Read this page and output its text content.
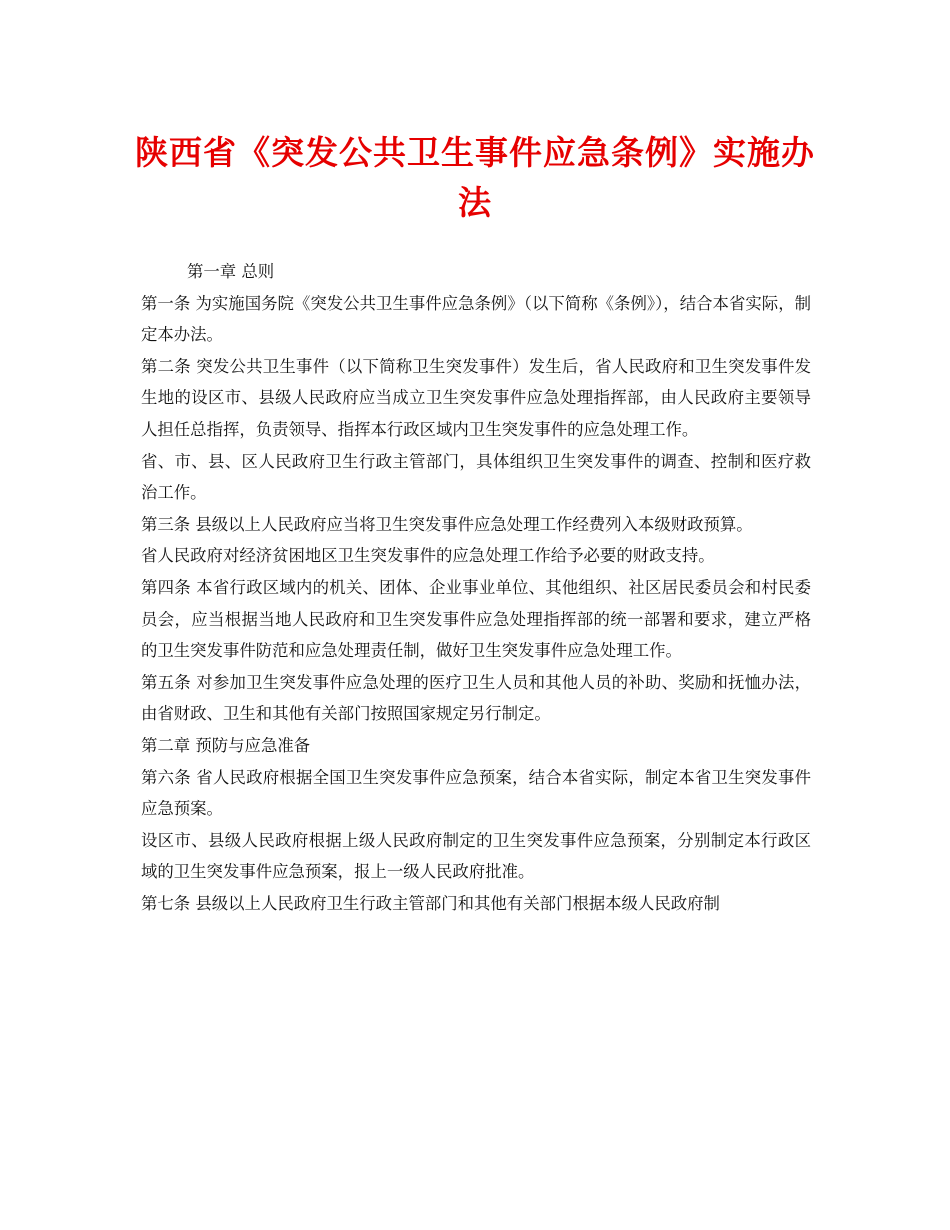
陕西省《突发公共卫生事件应急条例》实施办法

第一章 总则

第一条 为实施国务院《突发公共卫生事件应急条例》（以下简称《条例》），结合本省实际，制定本办法。

第二条 突发公共卫生事件（以下简称卫生突发事件）发生后，省人民政府和卫生突发事件发生地的设区市、县级人民政府应当成立卫生突发事件应急处理指挥部，由人民政府主要领导人担任总指挥，负责领导、指挥本行政区域内卫生突发事件的应急处理工作。

省、市、县、区人民政府卫生行政主管部门，具体组织卫生突发事件的调查、控制和医疗救治工作。

第三条 县级以上人民政府应当将卫生突发事件应急处理工作经费列入本级财政预算。

省人民政府对经济贫困地区卫生突发事件的应急处理工作给予必要的财政支持。

第四条 本省行政区域内的机关、团体、企业事业单位、其他组织、社区居民委员会和村民委员会，应当根据当地人民政府和卫生突发事件应急处理指挥部的统一部署和要求，建立严格的卫生突发事件防范和应急处理责任制，做好卫生突发事件应急处理工作。

第五条 对参加卫生突发事件应急处理的医疗卫生人员和其他人员的补助、奖励和抚恤办法，由省财政、卫生和其他有关部门按照国家规定另行制定。

第二章 预防与应急准备

第六条 省人民政府根据全国卫生突发事件应急预案，结合本省实际，制定本省卫生突发事件应急预案。

设区市、县级人民政府根据上级人民政府制定的卫生突发事件应急预案，分别制定本行政区域的卫生突发事件应急预案，报上一级人民政府批准。

第七条 县级以上人民政府卫生行政主管部门和其他有关部门根据本级人民政府制
